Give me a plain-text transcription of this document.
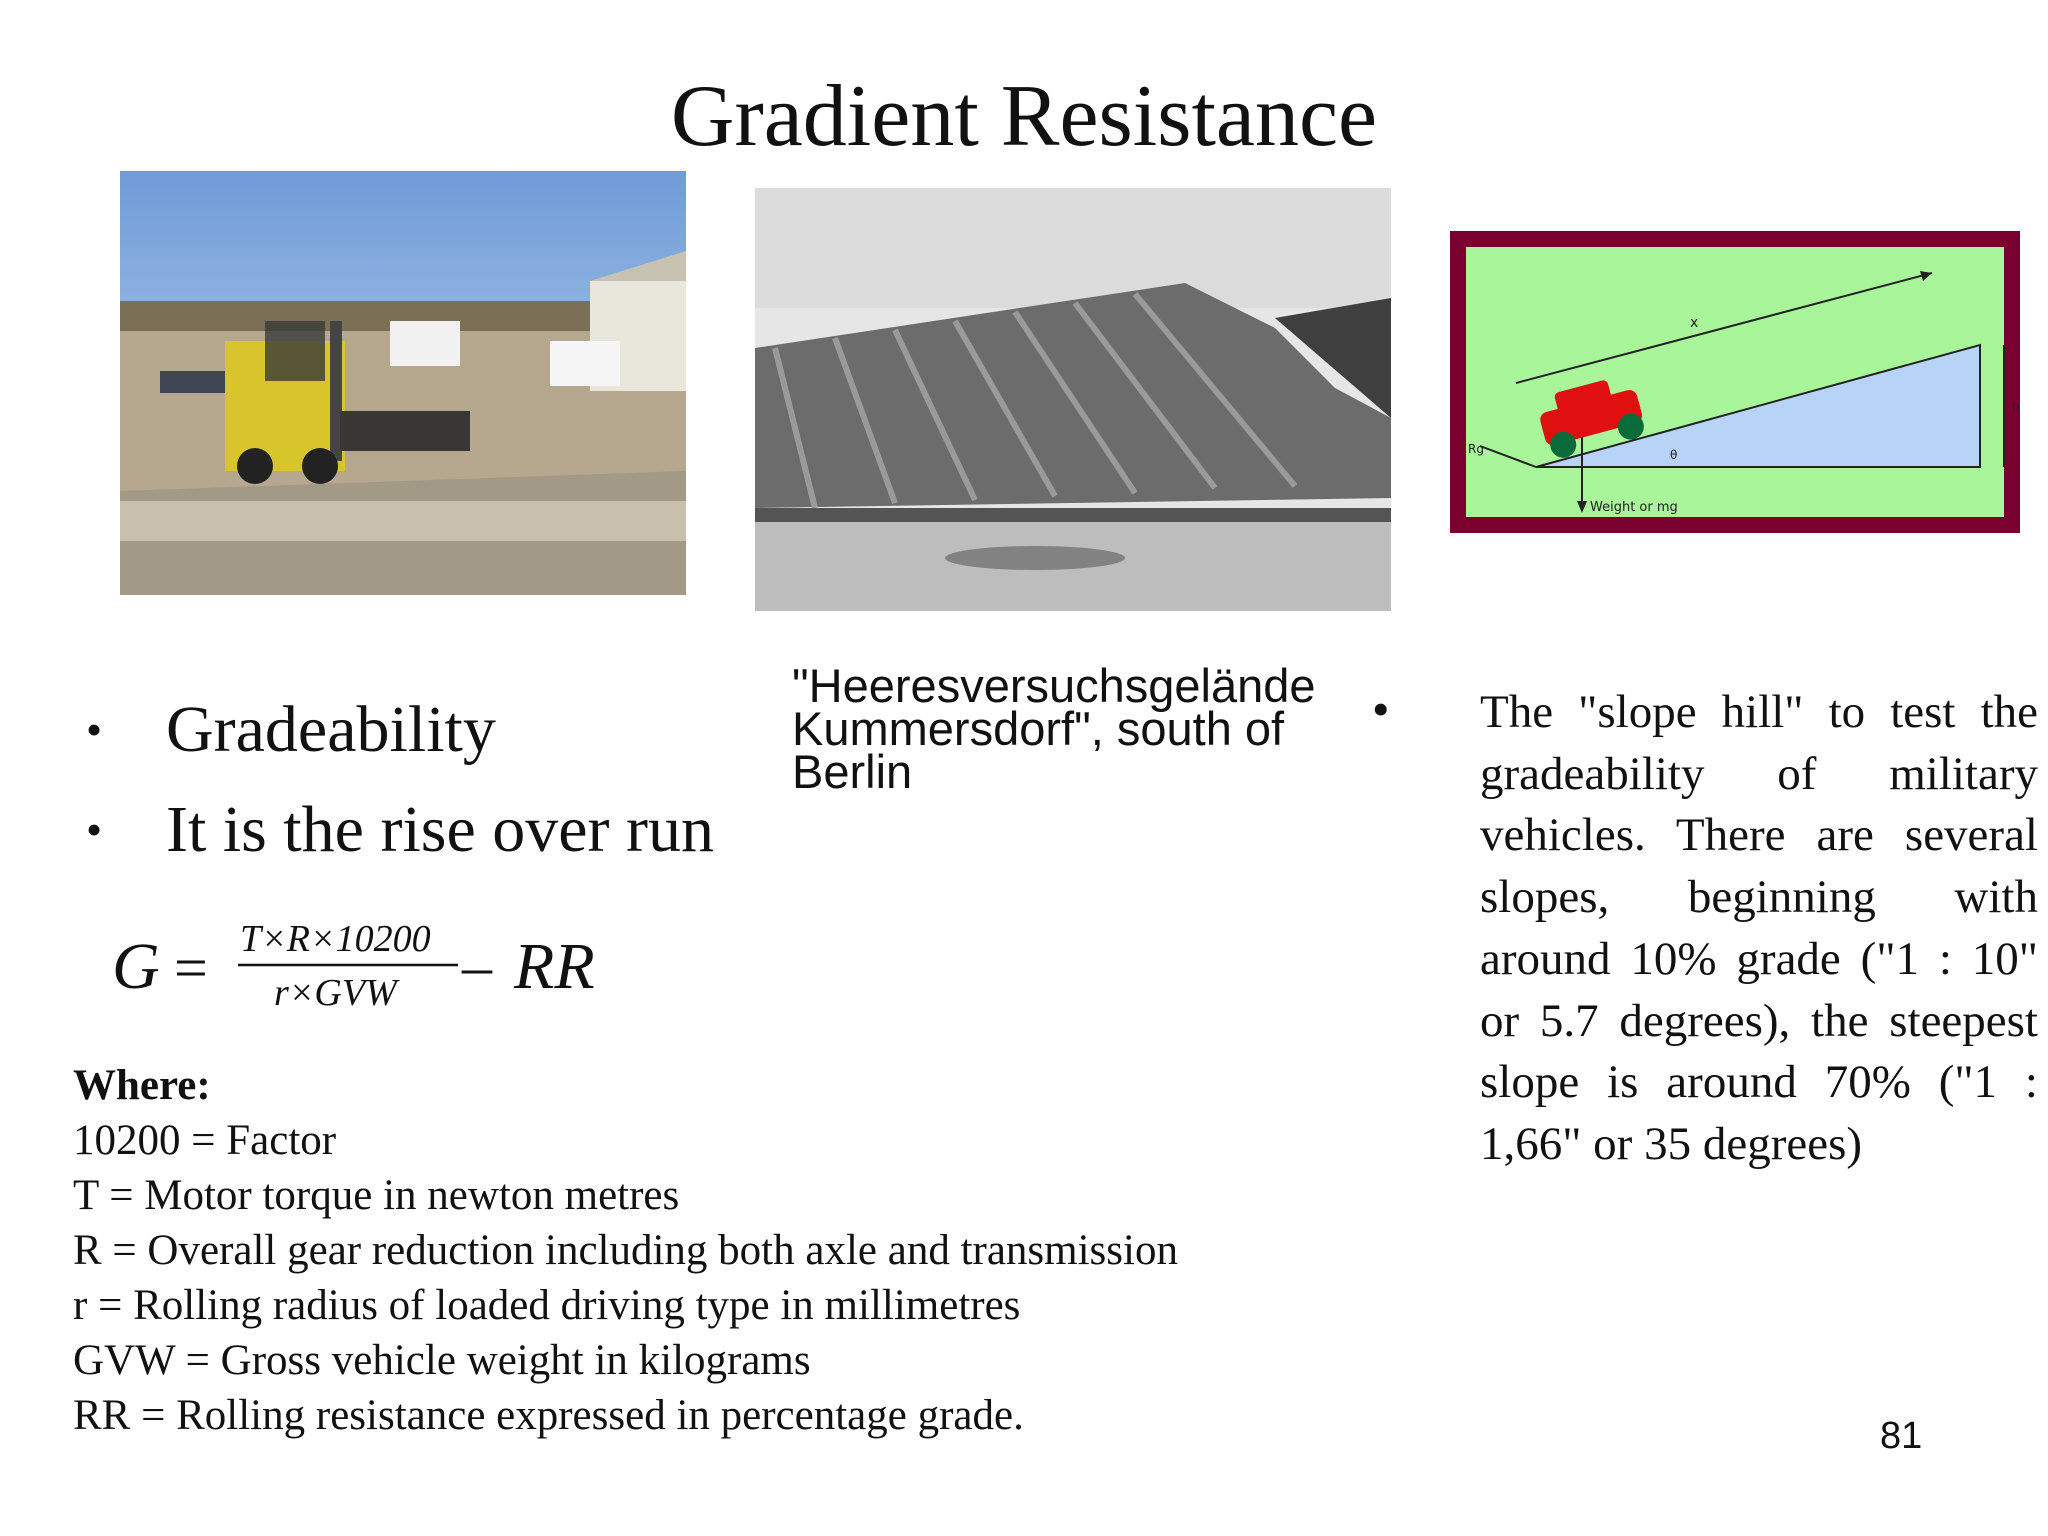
Gradient Resistance
x
h
θ
Rg
Weight or mg
• Gradeability
• It is the rise over run
"Heeresversuchsgelände Kummersdorf", south of Berlin
• The "slope hill" to test the gradeability of military vehicles. There are several slopes, beginning with around 10% grade ("1 : 10" or 5.7 degrees), the steepest slope is around 70% ("1 : 1,66" or 35 degrees)
G = T×R×10200
r×GVW – RR
Where:
10200 = Factor
T = Motor torque in newton metres
R = Overall gear reduction including both axle and transmission
r = Rolling radius of loaded driving type in millimetres
GVW = Gross vehicle weight in kilograms
RR = Rolling resistance expressed in percentage grade.	81
